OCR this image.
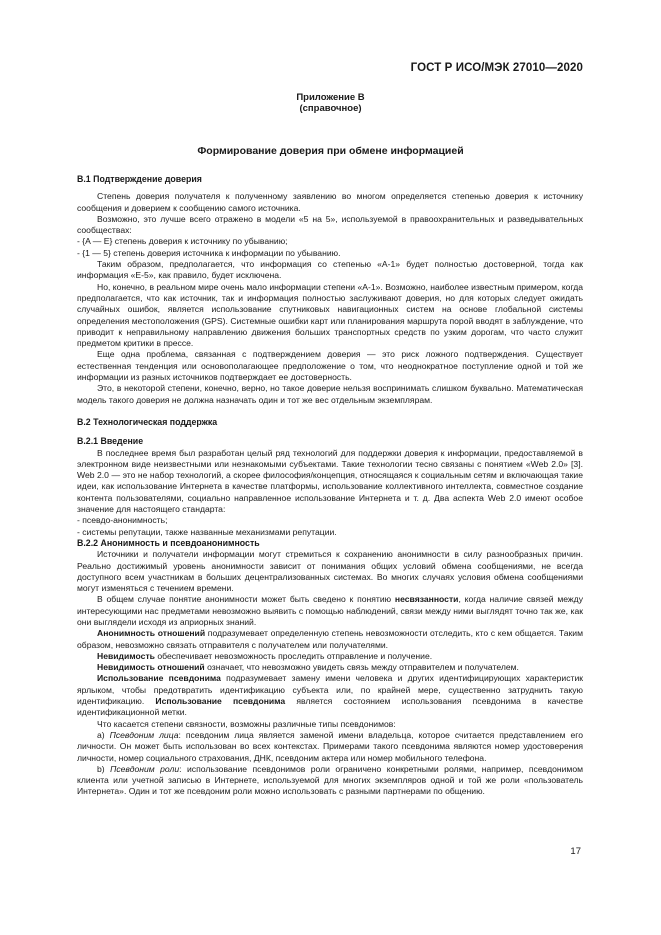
ГОСТ Р ИСО/МЭК 27010—2020
Приложение В
(справочное)
Формирование доверия при обмене информацией
В.1 Подтверждение доверия

Степень доверия получателя к полученному заявлению во многом определяется степенью доверия к источнику сообщения и доверием к сообщению самого источника.

Возможно, это лучше всего отражено в модели «5 на 5», используемой в правоохранительных и разведывательных сообществах:

- {A — E} степень доверия к источнику по убыванию;

- {1 — 5} степень доверия источника к информации по убыванию.

Таким образом, предполагается, что информация со степенью «A-1» будет полностью достоверной, тогда как информация «E-5», как правило, будет исключена.

Но, конечно, в реальном мире очень мало информации степени «A-1». Возможно, наиболее известным примером, когда предполагается, что как источник, так и информация полностью заслуживают доверия, но для которых следует ожидать случайных ошибок, является использование спутниковых навигационных систем на основе глобальной системы определения местоположения (GPS). Системные ошибки карт или планирования маршрута порой вводят в заблуждение, что приводит к неправильному направлению движения больших транспортных средств по узким дорогам, что часто служит предметом критики в прессе.

Еще одна проблема, связанная с подтверждением доверия — это риск ложного подтверждения. Существует естественная тенденция или основополагающее предположение о том, что неоднократное поступление одной и той же информации из разных источников подтверждает ее достоверность.

Это, в некоторой степени, конечно, верно, но такое доверие нельзя воспринимать слишком буквально. Математическая модель такого доверия не должна назначать один и тот же вес отдельным экземплярам.

В.2 Технологическая поддержка
В.2.1 Введение

В последнее время был разработан целый ряд технологий для поддержки доверия к информации, предоставляемой в электронном виде неизвестными или незнакомыми субъектами. Такие технологии тесно связаны с понятием «Web 2.0» [3]. Web 2.0 — это не набор технологий, а скорее философия/концепция, относящаяся к социальным сетям и включающая такие идеи, как использование Интернета в качестве платформы, использование коллективного интеллекта, совместное создание контента пользователями, социально направленное использование Интернета и т. д. Два аспекта Web 2.0 имеют особое значение для настоящего стандарта:

- псевдо-анонимность;

- системы репутации, также названные механизмами репутации.

В.2.2 Анонимность и псевдоанонимность

Источники и получатели информации могут стремиться к сохранению анонимности в силу разнообразных причин. Реально достижимый уровень анонимности зависит от понимания общих условий обмена сообщениями, не всегда доступного всем участникам в больших децентрализованных системах. Во многих случаях условия обмена сообщениями могут изменяться с течением времени.

В общем случае понятие анонимности может быть сведено к понятию несвязанности, когда наличие связей между интересующими нас предметами невозможно выявить с помощью наблюдений, связи между ними выглядят точно так же, как они выглядели исходя из априорных знаний.

Анонимность отношений подразумевает определенную степень невозможности отследить, кто с кем общается. Таким образом, невозможно связать отправителя с получателем или получателями.

Невидимость обеспечивает невозможность проследить отправление и получение.

Невидимость отношений означает, что невозможно увидеть связь между отправителем и получателем.

Использование псевдонима подразумевает замену имени человека и других идентифицирующих характеристик ярлыком, чтобы предотвратить идентификацию субъекта или, по крайней мере, существенно затруднить такую идентификацию. Использование псевдонима является состоянием использования псевдонима в качестве идентификационной метки.

Что касается степени связности, возможны различные типы псевдонимов:

а) Псевдоним лица: псевдоним лица является заменой имени владельца, которое считается представлением его личности. Он может быть использован во всех контекстах. Примерами такого псевдонима являются номер удостоверения личности, номер социального страхования, ДНК, псевдоним актера или номер мобильного телефона.

b) Псевдоним роли: использование псевдонимов роли ограничено конкретными ролями, например, псевдонимом клиента или учетной записью в Интернете, используемой для многих экземпляров одной и той же роли «пользователь Интернета». Один и тот же псевдоним роли можно использовать с разными партнерами по общению.

17
